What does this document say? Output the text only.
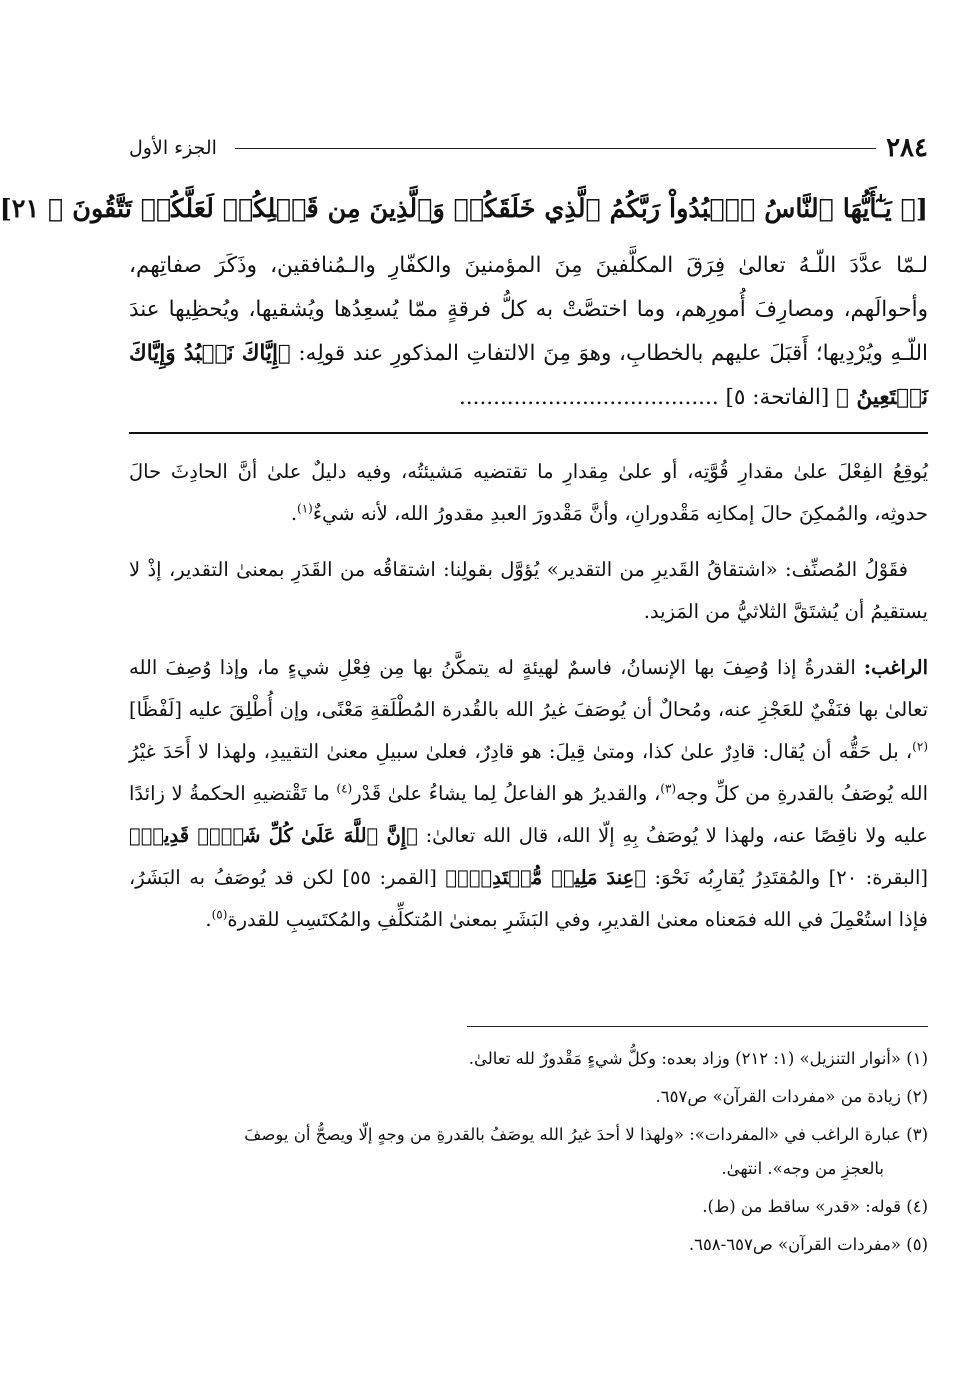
٢٨٤
الجزء الأول
[﴿ يَـٰٓأَيُّهَا ٱلنَّاسُ ٱعۡبُدُواْ رَبَّكُمُ ٱلَّذِي خَلَقَكُمۡ وَٱلَّذِينَ مِن قَبۡلِكُمۡ لَعَلَّكُمۡ تَتَّقُونَ ﴾ ٢١]

لـمّا عدَّدَ اللّـهُ تعالىٰ فِرَقَ المكلَّفينَ مِنَ المؤمنينَ والكفّارِ والـمُنافقين، وذَكَرَ صفاتِهم، وأحوالَهم، ومصارِفَ أُمورِهم، وما اختصَّتْ به كلُّ فرقةٍ ممّا يُسعِدُها ويُشقيها، ويُحظِيها عندَ اللّـهِ ويُرْدِيها؛ أَقبَلَ عليهم بالخطابِ، وهوَ مِنَ الالتفاتِ المذكورِ عند قولِه: ﴿إِيَّاكَ نَعۡبُدُ وَإِيَّاكَ نَسۡتَعِينُ ﴾ [الفاتحة: ٥] ......................................

يُوقِعُ الفِعْلَ علىٰ مقدارِ قُوَّتِه، أو علىٰ مِقدارِ ما تقتضيه مَشيئتُه، وفيه دليلٌ علىٰ أنَّ الحادِثَ حالَ حدوثِه، والمُمكِنَ حالَ إمكانِه مَقْدورانِ، وأنَّ مَقْدورَ العبدِ مقدورُ الله، لأنه شيءٌ$^{(١)}$.

فقَوْلُ المُصنِّف: «اشتقاقُ القَديرِ من التقدير» يُؤوَّل بقولِنا: اشتقاقُه من القَدَرِ بمعنىٰ التقدير، إذْ لا يستقيمُ أن يُشتَقَّ الثلاثيُّ من المَزيد.

الراغب: القدرةُ إذا وُصِفَ بها الإنسانُ، فاسمٌ لهيئةٍ له يتمكَّنُ بها مِن فِعْلِ شيءٍ ما، وإذا وُصِفَ الله تعالىٰ بها فنَفْيٌ للعَجْزِ عنه، ومُحالٌ أن يُوصَفَ غيرُ الله بالقُدرة المُطْلَقةِ مَعْنًى، وإن أُطْلِقَ عليه [لَفْظًا]$^{(٢)}$، بل حَقُّه أن يُقال: قادِرٌ علىٰ كذا، ومتىٰ قِيلَ: هو قادِرٌ، فعلىٰ سبيلِ معنىٰ التقييدِ، ولهذا لا أَحَدَ غيْرُ الله يُوصَفُ بالقدرةِ من كلِّ وجه$^{(٣)}$، والقديرُ هو الفاعلُ لِما يشاءُ علىٰ قَدْر$^{(٤)}$ ما تَقْتضيهِ الحكمةُ لا زائدًا عليه ولا ناقِصًا عنه، ولهذا لا يُوصَفُ بِهِ إلّا الله، قال الله تعالىٰ: ﴿إِنَّ ٱللَّهَ عَلَىٰ كُلِّ شَيۡءٖ قَدِيرٞ﴾ [البقرة: ٢٠] والمُقتَدِرُ يُقارِبُه نَحْوَ: ﴿عِندَ مَلِيكٖ مُّقۡتَدِرِۭ﴾ [القمر: ٥٥] لكن قد يُوصَفُ به البَشَرُ، فإذا استُعْمِلَ في الله فمَعناه معنىٰ القديرِ، وفي البَشَرِ بمعنىٰ المُتكلِّفِ والمُكتَسِبِ للقدرة$^{(٥)}$.

(١) «أنوار التنزيل» (١: ٢١٢) وزاد بعده: وكلُّ شيءٍ مَقْدورٌ لله تعالىٰ.
(٢) زيادة من «مفردات القرآن» ص٦٥٧.
(٣) عبارة الراغب في «المفردات»: «ولهذا لا أحدَ غيرُ الله يوصَفُ بالقدرةِ من وجهٍ إلّا ويصحُّ أن يوصفَ
بالعجزِ من وجه». انتهىٰ.
(٤) قوله: «قدر» ساقط من (ط).
(٥) «مفردات القرآن» ص٦٥٧-٦٥٨.
